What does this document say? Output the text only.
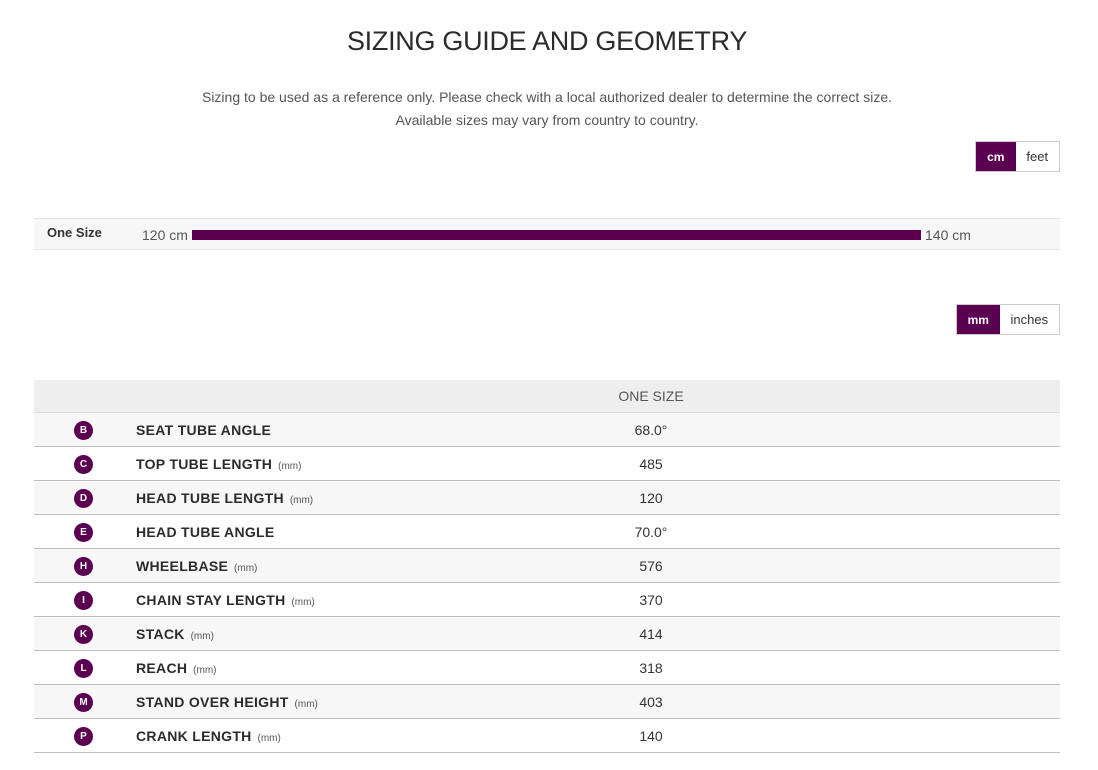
SIZING GUIDE AND GEOMETRY
Sizing to be used as a reference only. Please check with a local authorized dealer to determine the correct size.
Available sizes may vary from country to country.
cm	feet
One Size	120 cm	140 cm
mm	inches
		ONE SIZE	
B	SEAT TUBE ANGLE	68.0°	
C	TOP TUBE LENGTH (mm)	485	
D	HEAD TUBE LENGTH (mm)	120	
E	HEAD TUBE ANGLE	70.0°	
H	WHEELBASE (mm)	576	
I	CHAIN STAY LENGTH (mm)	370	
K	STACK (mm)	414	
L	REACH (mm)	318	
M	STAND OVER HEIGHT (mm)	403	
P	CRANK LENGTH (mm)	140	
